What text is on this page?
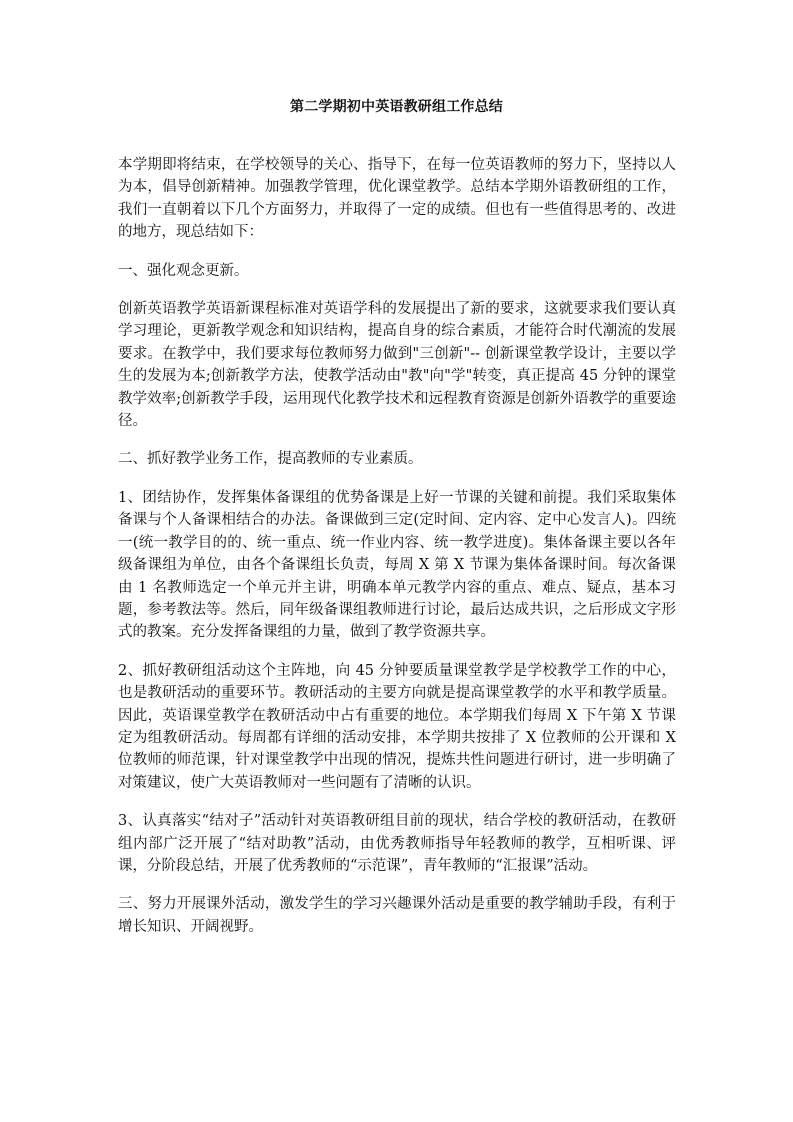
第二学期初中英语教研组工作总结

本学期即将结束，在学校领导的关心、指导下，在每一位英语教师的努力下，坚持以人为本，倡导创新精神。加强教学管理，优化课堂教学。总结本学期外语教研组的工作，我们一直朝着以下几个方面努力，并取得了一定的成绩。但也有一些值得思考的、改进的地方，现总结如下：

一、强化观念更新。

创新英语教学英语新课程标准对英语学科的发展提出了新的要求，这就要求我们要认真学习理论，更新教学观念和知识结构，提高自身的综合素质，才能符合时代潮流的发展要求。在教学中，我们要求每位教师努力做到"三创新"-- 创新课堂教学设计，主要以学生的发展为本;创新教学方法，使教学活动由"教"向"学"转变，真正提高 45 分钟的课堂教学效率;创新教学手段，运用现代化教学技术和远程教育资源是创新外语教学的重要途径。

二、抓好教学业务工作，提高教师的专业素质。

1、团结协作，发挥集体备课组的优势备课是上好一节课的关键和前提。我们采取集体备课与个人备课相结合的办法。备课做到三定(定时间、定内容、定中心发言人)。四统一(统一教学目的的、统一重点、统一作业内容、统一教学进度)。集体备课主要以各年级备课组为单位，由各个备课组长负责，每周 X 第 X 节课为集体备课时间。每次备课由 1 名教师选定一个单元并主讲，明确本单元教学内容的重点、难点、疑点，基本习题，参考教法等。然后，同年级备课组教师进行讨论，最后达成共识，之后形成文字形式的教案。充分发挥备课组的力量，做到了教学资源共享。

2、抓好教研组活动这个主阵地，向 45 分钟要质量课堂教学是学校教学工作的中心，也是教研活动的重要环节。教研活动的主要方向就是提高课堂教学的水平和教学质量。因此，英语课堂教学在教研活动中占有重要的地位。本学期我们每周 X 下午第 X 节课定为组教研活动。每周都有详细的活动安排，本学期共按排了 X 位教师的公开课和 X 位教师的师范课，针对课堂教学中出现的情况，提炼共性问题进行研讨，进一步明确了对策建议，使广大英语教师对一些问题有了清晰的认识。

3、认真落实“结对子”活动针对英语教研组目前的现状，结合学校的教研活动，在教研组内部广泛开展了“结对助教”活动，由优秀教师指导年轻教师的教学，互相听课、评课，分阶段总结，开展了优秀教师的“示范课”，青年教师的“汇报课”活动。

三、努力开展课外活动，激发学生的学习兴趣课外活动是重要的教学辅助手段，有利于增长知识、开阔视野。
